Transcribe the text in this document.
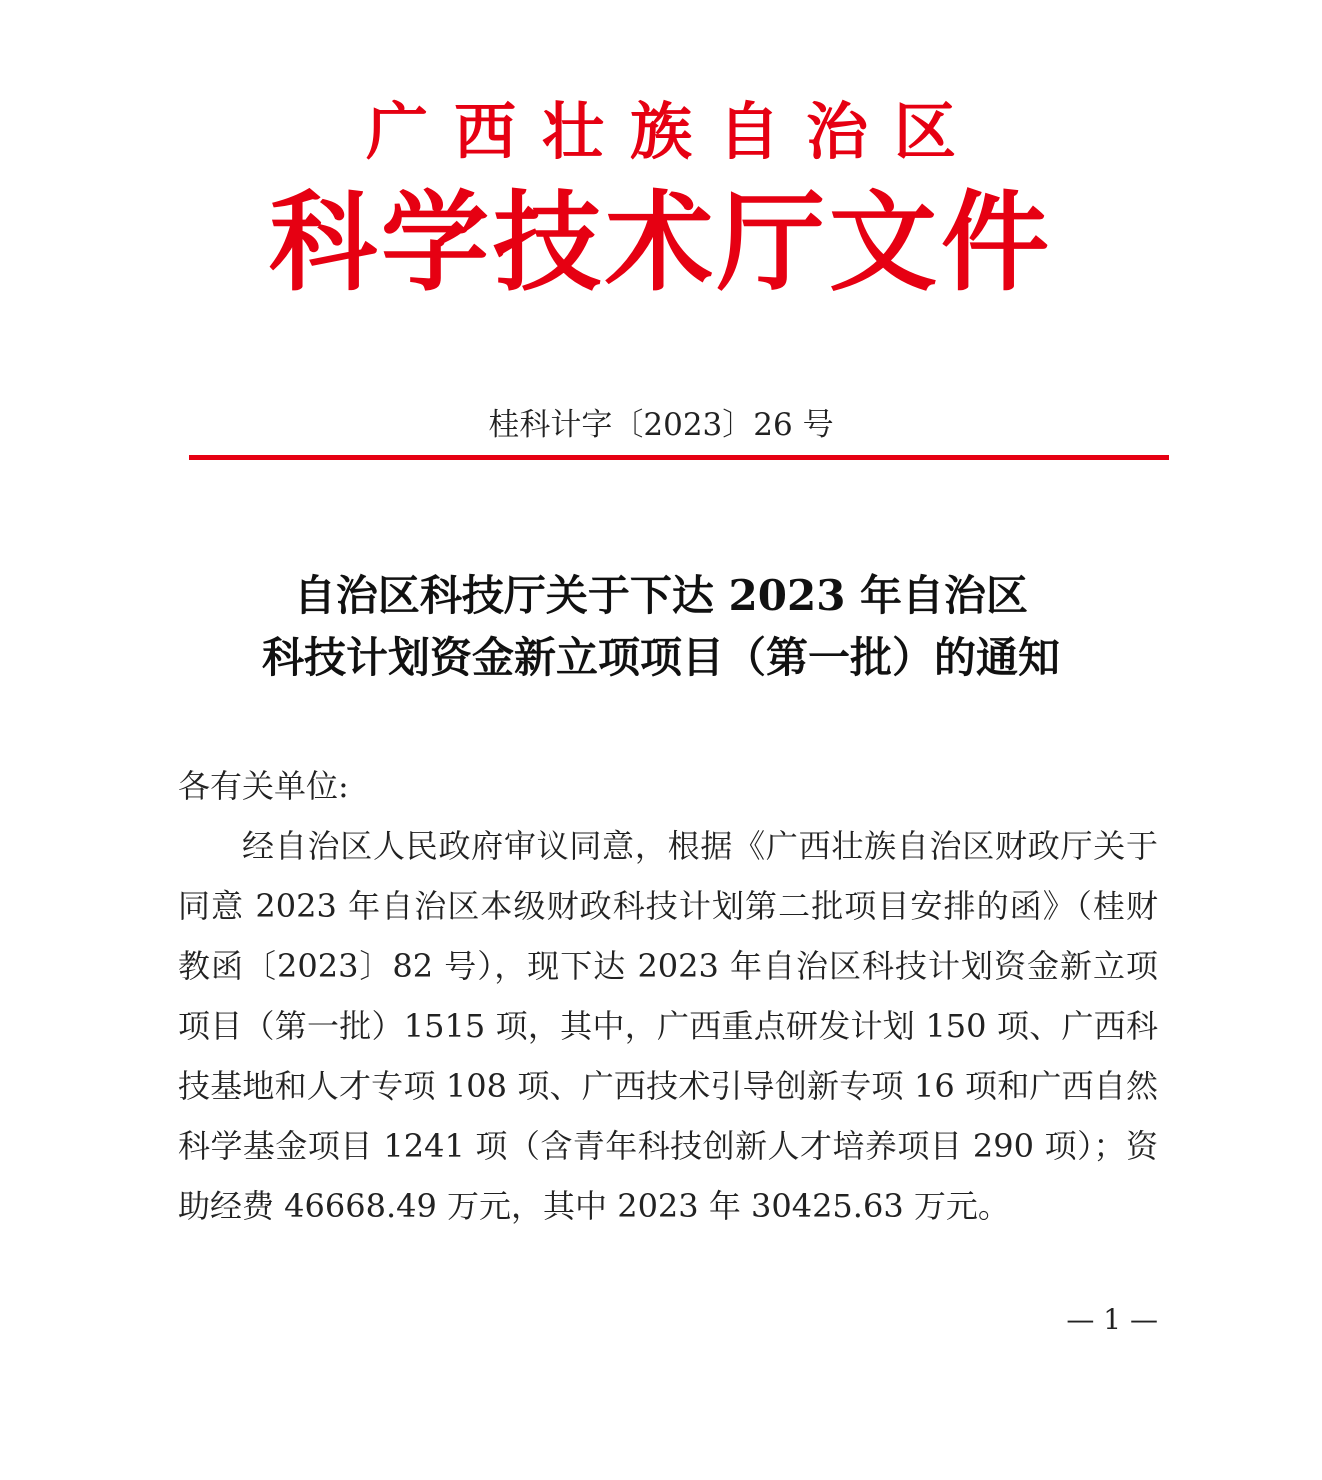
广西壮族自治区
科学技术厅文件
桂科计字〔2023〕26 号
自治区科技厅关于下达 2023 年自治区
科技计划资金新立项项目（第一批）的通知
各有关单位:
经自治区人民政府审议同意，根据《广西壮族自治区财政厅关于同意 2023 年自治区本级财政科技计划第二批项目安排的函》（桂财教函〔2023〕82 号），现下达 2023 年自治区科技计划资金新立项项目（第一批）1515 项，其中，广西重点研发计划 150 项、广西科技基地和人才专项 108 项、广西技术引导创新专项 16 项和广西自然科学基金项目 1241 项（含青年科技创新人才培养项目 290 项）；资助经费 46668.49 万元，其中 2023 年 30425.63 万元。
— 1 —
